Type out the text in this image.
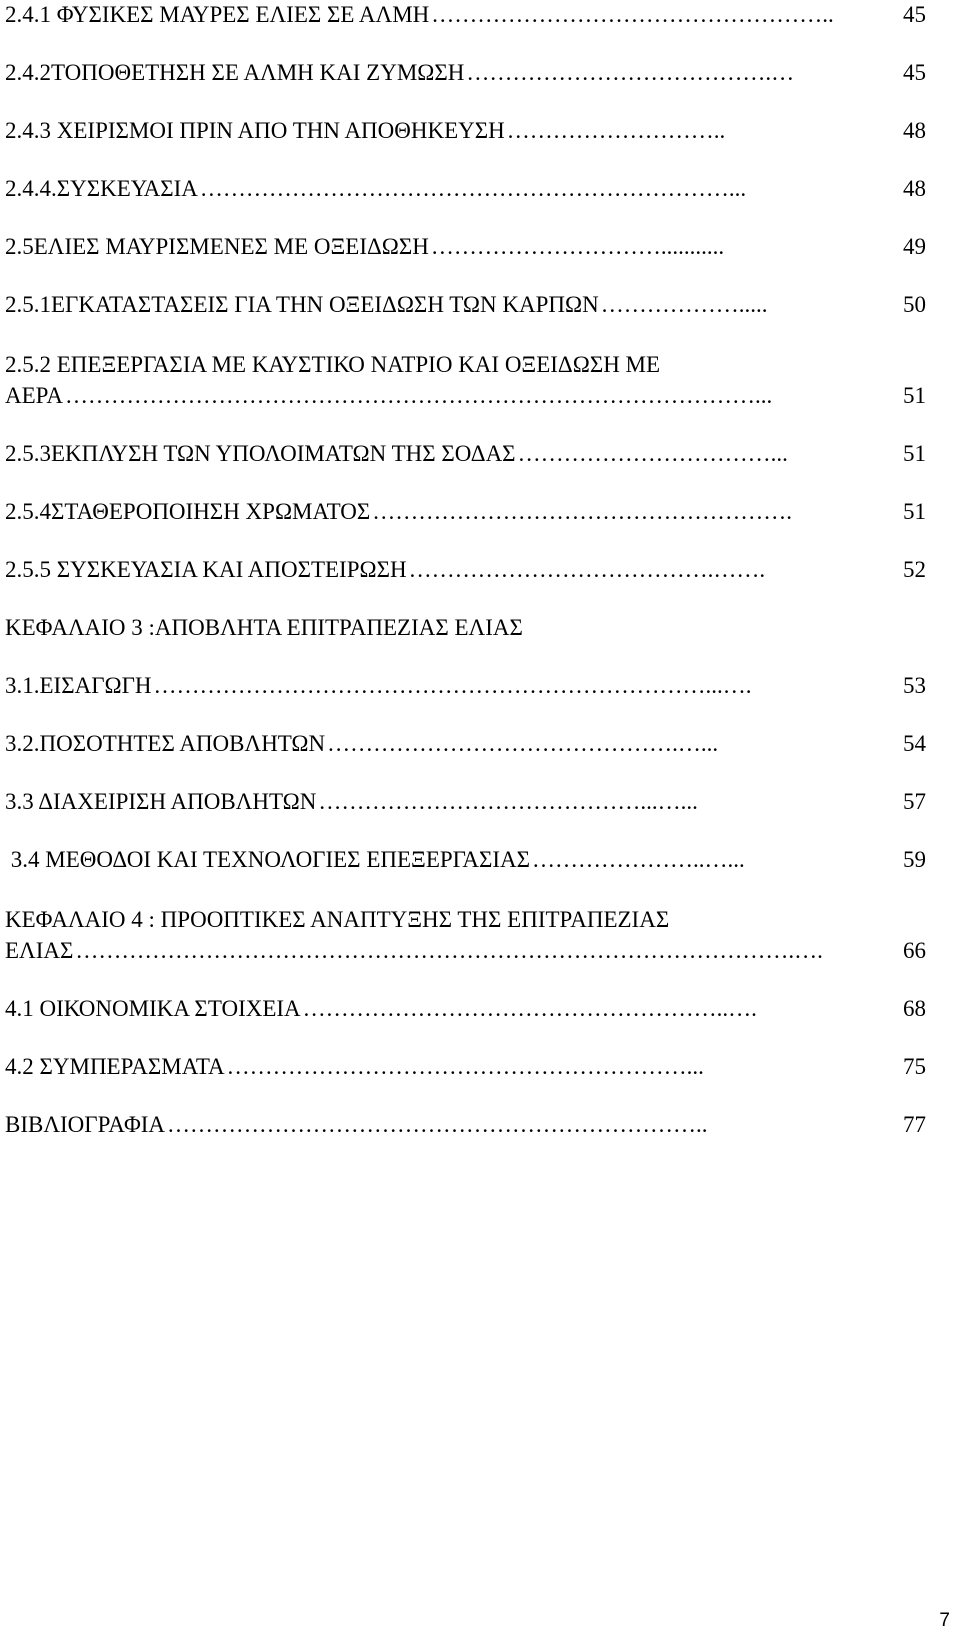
2.4.1 ΦΥΣΙΚΕΣ ΜΑΥΡΕΣ ΕΛΙΕΣ ΣΕ ΑΛΜΗ ……………………………………………..	45
2.4.2ΤΟΠΟΘΕΤΗΣΗ ΣΕ ΑΛΜΗ ΚΑΙ ΖΥΜΩΣΗ ………………………………….…	45
2.4.3 ΧΕΙΡΙΣΜΟΙ ΠΡΙΝ ΑΠΟ ΤΗΝ ΑΠΟΘΗΚΕΥΣΗ ………………………..	48
2.4.4.ΣΥΣΚΕΥΑΣΙΑ ……………………………………………………………...	48
2.5ΕΛΙΕΣ ΜΑΥΡΙΣΜΕΝΕΣ ΜΕ ΟΞΕΙΔΩΣΗ …………………………...........	49
2.5.1ΕΓΚΑΤΑΣΤΑΣΕΙΣ ΓΙΑ ΤΗΝ ΟΞΕΙΔΩΣΗ ΤΩΝ ΚΑΡΠΩΝ ……………….....	50
2.5.2 ΕΠΕΞΕΡΓΑΣΙΑ ΜΕ ΚΑΥΣΤΙΚΟ ΝΑΤΡΙΟ ΚΑΙ ΟΞΕΙΔΩΣΗ ΜΕ
ΑΕΡΑ ………………………………………………………………………………...	51
2.5.3ΕΚΠΛΥΣΗ ΤΩΝ ΥΠΟΛΟΙΜΑΤΩΝ ΤΗΣ ΣΟΔΑΣ ……………………………...	51
2.5.4ΣΤΑΘΕΡΟΠΟΙΗΣΗ ΧΡΩΜΑΤΟΣ ……………………………………………….	51
2.5.5 ΣΥΣΚΕΥΑΣΙΑ ΚΑΙ ΑΠΟΣΤΕΙΡΩΣΗ ………………………………….…….	52
ΚΕΦΑΛΑΙΟ 3 :ΑΠΟΒΛΗΤΑ ΕΠΙΤΡΑΠΕΖΙΑΣ ΕΛΙΑΣ
3.1.ΕΙΣΑΓΩΓΗ ………………………………………………………………...….	53
3.2.ΠΟΣΟΤΗΤΕΣ ΑΠΟΒΛΗΤΩΝ ……………………………………….…...	54
3.3 ΔΙΑΧΕΙΡΙΣΗ ΑΠΟΒΛΗΤΩΝ ……………………………………...…...	57
3.4 ΜΕΘΟΔΟΙ ΚΑΙ ΤΕΧΝΟΛΟΓΙΕΣ ΕΠΕΞΕΡΓΑΣΙΑΣ …………………..…...	59
ΚΕΦΑΛΑΙΟ 4 : ΠΡΟΟΠΤΙΚΕΣ ΑΝΑΠΤΥΞΗΣ ΤΗΣ ΕΠΙΤΡΑΠΕΖΙΑΣ
ΕΛΙΑΣ ………………………………………………………………………………….….	66
4.1 ΟΙΚΟΝΟΜΙΚΑ ΣΤΟΙΧΕΙΑ ………………………………………………..….	68
4.2 ΣΥΜΠΕΡΑΣΜΑΤΑ ……………………………………………………...	75
ΒΙΒΛΙΟΓΡΑΦΙΑ ……………………………………………………………..	77
7
